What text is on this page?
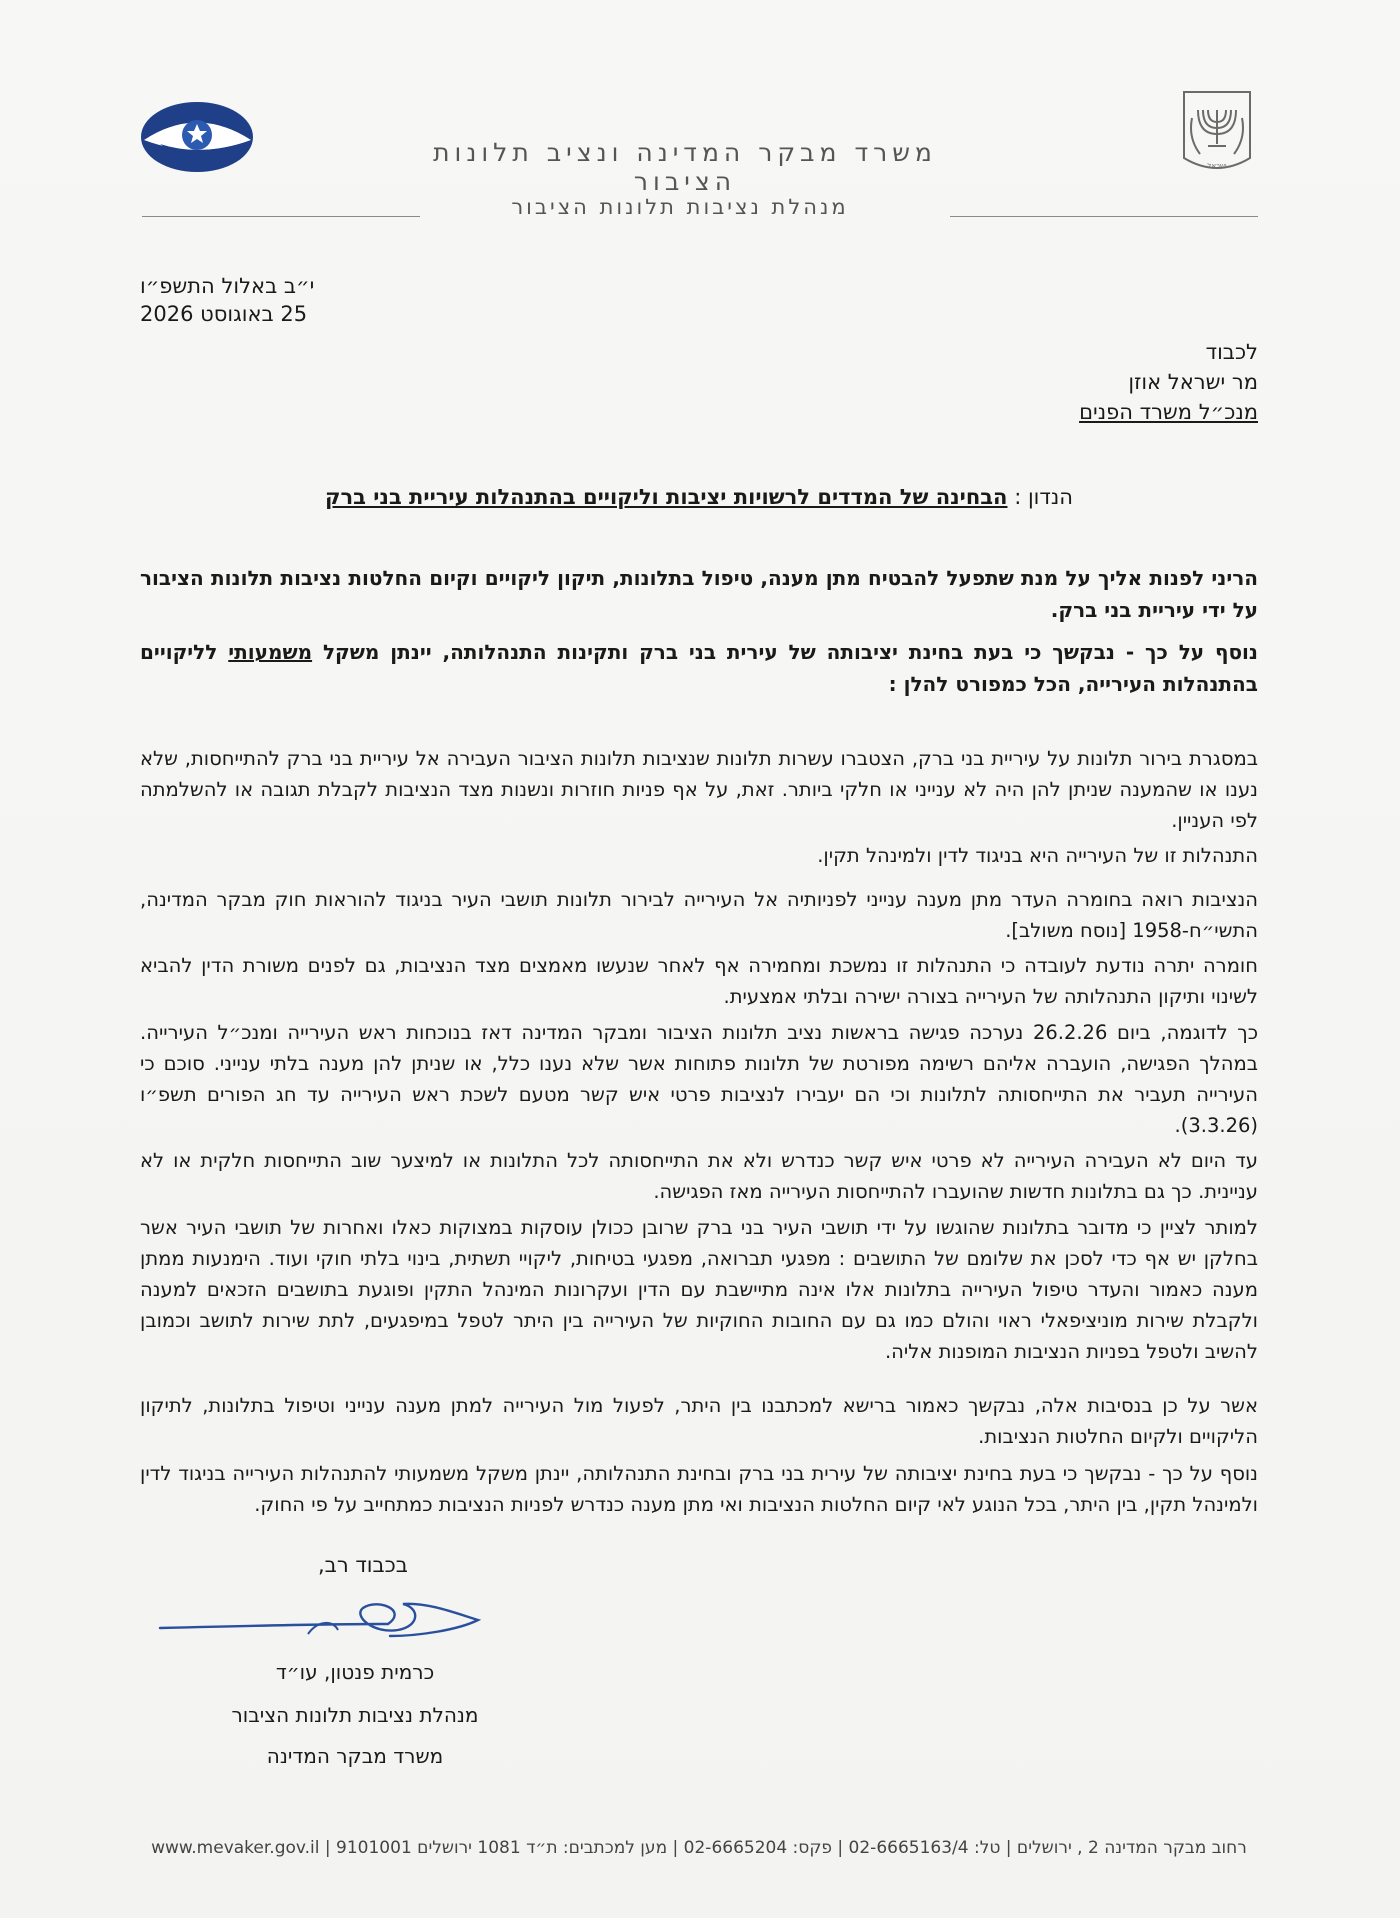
ישראל
משרד מבקר המדינה ונציב תלונות הציבור
מנהלת נציבות תלונות הציבור
י״ב באלול התשפ״ו
25 באוגוסט 2026
לכבוד
מר ישראל אוזן
מנכ״ל משרד הפנים
הנדון : הבחינה של המדדים לרשויות יציבות וליקויים בהתנהלות עיריית בני ברק
הריני לפנות אליך על מנת שתפעל להבטיח מתן מענה, טיפול בתלונות, תיקון ליקויים וקיום החלטות נציבות תלונות הציבור על ידי עיריית בני ברק.
נוסף על כך - נבקשך כי בעת בחינת יציבותה של עירית בני ברק ותקינות התנהלותה, יינתן משקל משמעותי לליקויים בהתנהלות העירייה, הכל כמפורט להלן :
במסגרת בירור תלונות על עיריית בני ברק, הצטברו עשרות תלונות שנציבות תלונות הציבור העבירה אל עיריית בני ברק להתייחסות, שלא נענו או שהמענה שניתן להן היה לא ענייני או חלקי ביותר. זאת, על אף פניות חוזרות ונשנות מצד הנציבות לקבלת תגובה או להשלמתה לפי העניין.
התנהלות זו של העירייה היא בניגוד לדין ולמינהל תקין.
הנציבות רואה בחומרה העדר מתן מענה ענייני לפניותיה אל העירייה לבירור תלונות תושבי העיר בניגוד להוראות חוק מבקר המדינה, התשי״ח-1958 [נוסח משולב].
חומרה יתרה נודעת לעובדה כי התנהלות זו נמשכת ומחמירה אף לאחר שנעשו מאמצים מצד הנציבות, גם לפנים משורת הדין להביא לשינוי ותיקון התנהלותה של העירייה בצורה ישירה ובלתי אמצעית.
כך לדוגמה, ביום 26.2.26 נערכה פגישה בראשות נציב תלונות הציבור ומבקר המדינה דאז בנוכחות ראש העירייה ומנכ״ל העירייה. במהלך הפגישה, הועברה אליהם רשימה מפורטת של תלונות פתוחות אשר שלא נענו כלל, או שניתן להן מענה בלתי ענייני. סוכם כי העירייה תעביר את התייחסותה לתלונות וכי הם יעבירו לנציבות פרטי איש קשר מטעם לשכת ראש העירייה עד חג הפורים תשפ״ו (3.3.26).
עד היום לא העבירה העירייה לא פרטי איש קשר כנדרש ולא את התייחסותה לכל התלונות או למיצער שוב התייחסות חלקית או לא עניינית. כך גם בתלונות חדשות שהועברו להתייחסות העירייה מאז הפגישה.
למותר לציין כי מדובר בתלונות שהוגשו על ידי תושבי העיר בני ברק שרובן ככולן עוסקות במצוקות כאלו ואחרות של תושבי העיר אשר בחלקן יש אף כדי לסכן את שלומם של התושבים : מפגעי תברואה, מפגעי בטיחות, ליקויי תשתית, בינוי בלתי חוקי ועוד. הימנעות ממתן מענה כאמור והעדר טיפול העירייה בתלונות אלו אינה מתיישבת עם הדין ועקרונות המינהל התקין ופוגעת בתושבים הזכאים למענה ולקבלת שירות מוניציפאלי ראוי והולם כמו גם עם החובות החוקיות של העירייה בין היתר לטפל במיפגעים, לתת שירות לתושב וכמובן להשיב ולטפל בפניות הנציבות המופנות אליה.
אשר על כן בנסיבות אלה, נבקשך כאמור ברישא למכתבנו בין היתר, לפעול מול העירייה למתן מענה ענייני וטיפול בתלונות, לתיקון הליקויים ולקיום החלטות הנציבות.
נוסף על כך - נבקשך כי בעת בחינת יציבותה של עירית בני ברק ובחינת התנהלותה, יינתן משקל משמעותי להתנהלות העירייה בניגוד לדין ולמינהל תקין, בין היתר, בכל הנוגע לאי קיום החלטות הנציבות ואי מתן מענה כנדרש לפניות הנציבות כמתחייב על פי החוק.
בכבוד רב,
כרמית פנטון, עו״ד
מנהלת נציבות תלונות הציבור
משרד מבקר המדינה
רחוב מבקר המדינה 2 , ירושלים | טל: 02-6665163/4 | פקס: 02-6665204 | מען למכתבים: ת״ד 1081 ירושלים 9101001 | www.mevaker.gov.il
